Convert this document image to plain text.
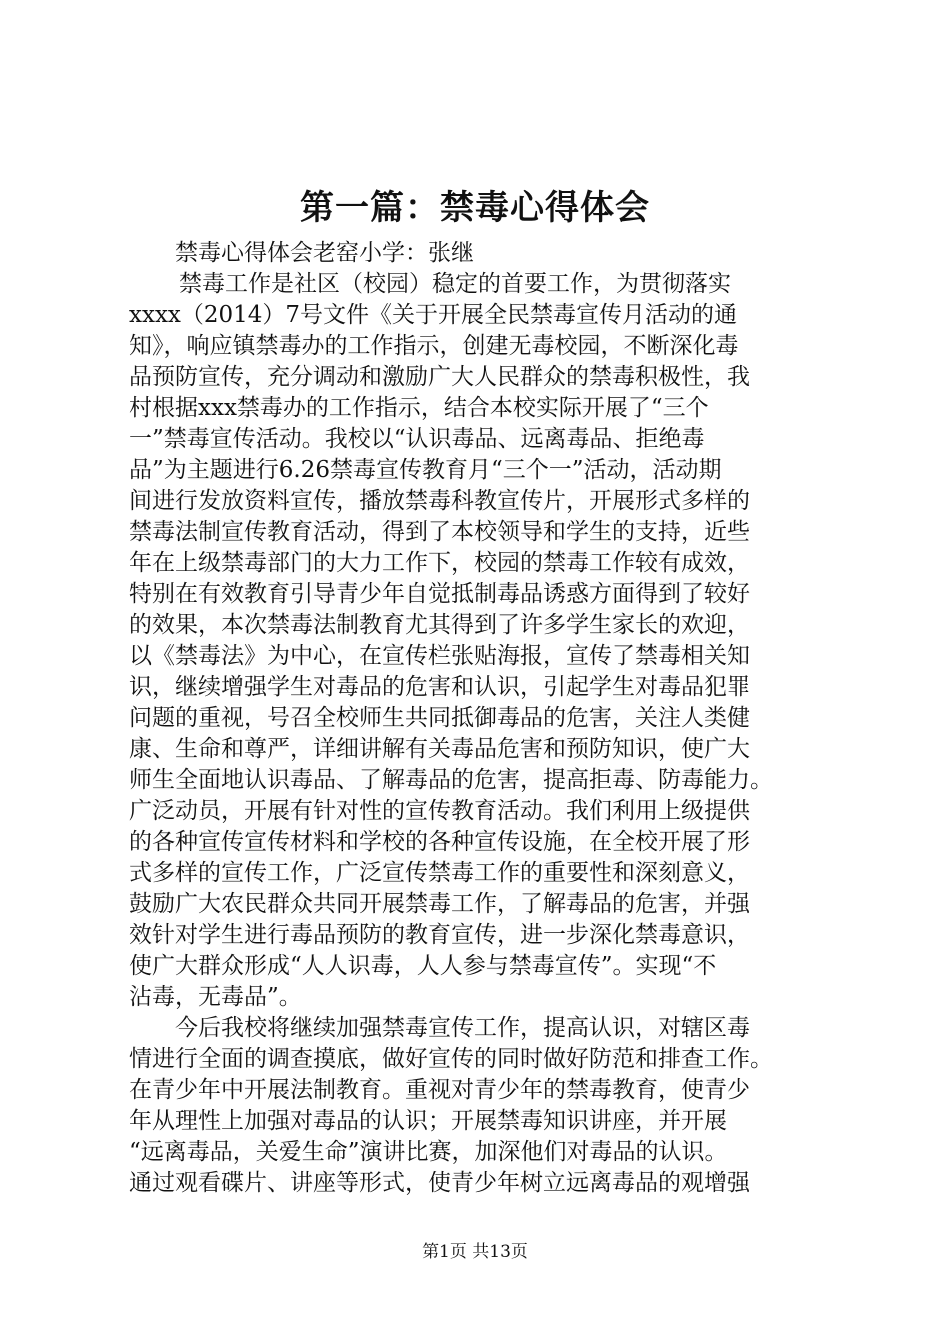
第一篇：禁毒心得体会
禁毒心得体会老窑小学：张继
禁毒工作是社区（校园）稳定的首要工作，为贯彻落实
xxxx（2014）7号文件《关于开展全民禁毒宣传月活动的通
知》，响应镇禁毒办的工作指示，创建无毒校园，不断深化毒
品预防宣传，充分调动和激励广大人民群众的禁毒积极性，我
村根据xxx禁毒办的工作指示，结合本校实际开展了“三个
一”禁毒宣传活动。我校以“认识毒品、远离毒品、拒绝毒
品”为主题进行6.26禁毒宣传教育月“三个一”活动，活动期
间进行发放资料宣传，播放禁毒科教宣传片，开展形式多样的
禁毒法制宣传教育活动，得到了本校领导和学生的支持，近些
年在上级禁毒部门的大力工作下，校园的禁毒工作较有成效，
特别在有效教育引导青少年自觉抵制毒品诱惑方面得到了较好
的效果，本次禁毒法制教育尤其得到了许多学生家长的欢迎，
以《禁毒法》为中心，在宣传栏张贴海报，宣传了禁毒相关知
识，继续增强学生对毒品的危害和认识，引起学生对毒品犯罪
问题的重视，号召全校师生共同抵御毒品的危害，关注人类健
康、生命和尊严，详细讲解有关毒品危害和预防知识，使广大
师生全面地认识毒品、了解毒品的危害，提高拒毒、防毒能力。
广泛动员，开展有针对性的宣传教育活动。我们利用上级提供
的各种宣传宣传材料和学校的各种宣传设施，在全校开展了形
式多样的宣传工作，广泛宣传禁毒工作的重要性和深刻意义，
鼓励广大农民群众共同开展禁毒工作，了解毒品的危害，并强
效针对学生进行毒品预防的教育宣传，进一步深化禁毒意识，
使广大群众形成“人人识毒，人人参与禁毒宣传”。实现“不
沾毒，无毒品”。
今后我校将继续加强禁毒宣传工作，提高认识，对辖区毒
情进行全面的调查摸底，做好宣传的同时做好防范和排查工作。
在青少年中开展法制教育。重视对青少年的禁毒教育，使青少
年从理性上加强对毒品的认识；开展禁毒知识讲座，并开展
“远离毒品，关爱生命”演讲比赛，加深他们对毒品的认识。
通过观看碟片、讲座等形式，使青少年树立远离毒品的观增强
第1页 共13页
